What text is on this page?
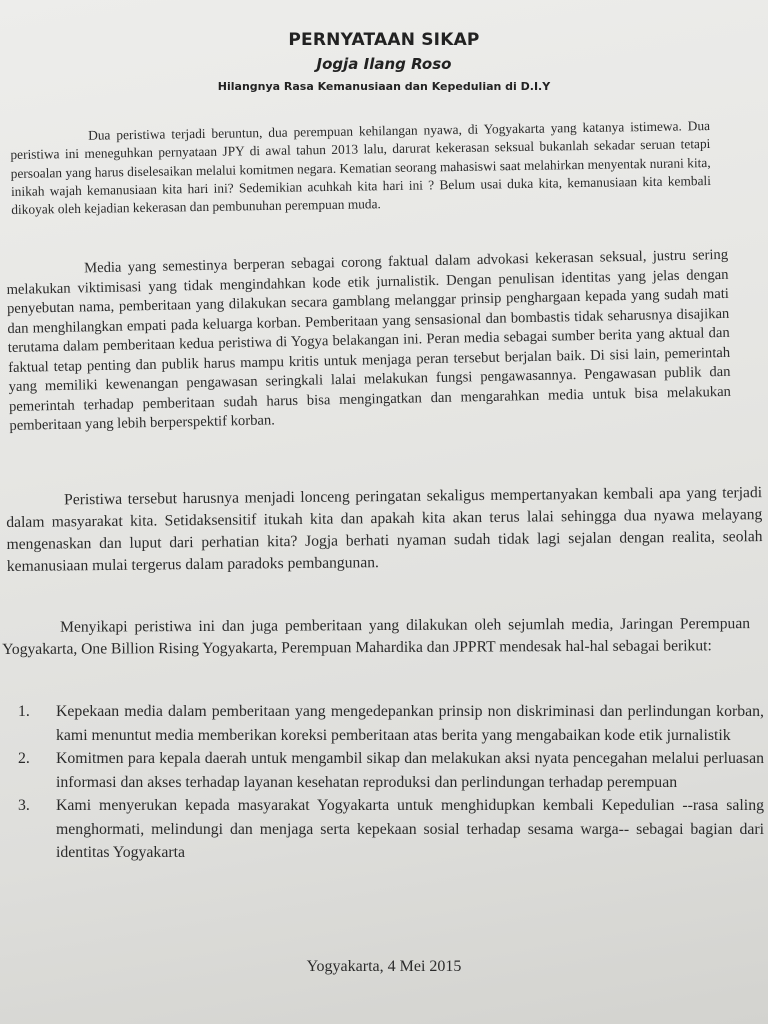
PERNYATAAN SIKAP
Jogja Ilang Roso
Hilangnya Rasa Kemanusiaan dan Kepedulian di D.I.Y

Dua peristiwa terjadi beruntun, dua perempuan kehilangan nyawa, di Yogyakarta yang katanya istimewa. Dua peristiwa ini meneguhkan pernyataan JPY di awal tahun 2013 lalu, darurat kekerasan seksual bukanlah sekadar seruan tetapi persoalan yang harus diselesaikan melalui komitmen negara. Kematian seorang mahasiswi saat melahirkan menyentak nurani kita, inikah wajah kemanusiaan kita hari ini? Sedemikian acuhkah kita hari ini ? Belum usai duka kita, kemanusiaan kita kembali dikoyak oleh kejadian kekerasan dan pembunuhan perempuan muda.

Media yang semestinya berperan sebagai corong faktual dalam advokasi kekerasan seksual, justru sering melakukan viktimisasi yang tidak mengindahkan kode etik jurnalistik. Dengan penulisan identitas yang jelas dengan penyebutan nama, pemberitaan yang dilakukan secara gamblang melanggar prinsip penghargaan kepada yang sudah mati dan menghilangkan empati pada keluarga korban. Pemberitaan yang sensasional dan bombastis tidak seharusnya disajikan terutama dalam pemberitaan kedua peristiwa di Yogya belakangan ini. Peran media sebagai sumber berita yang aktual dan faktual tetap penting dan publik harus mampu kritis untuk menjaga peran tersebut berjalan baik. Di sisi lain, pemerintah yang memiliki kewenangan pengawasan seringkali lalai melakukan fungsi pengawasannya. Pengawasan publik dan pemerintah terhadap pemberitaan sudah harus bisa mengingatkan dan mengarahkan media untuk bisa melakukan pemberitaan yang lebih berperspektif korban.

Peristiwa tersebut harusnya menjadi lonceng peringatan sekaligus mempertanyakan kembali apa yang terjadi dalam masyarakat kita. Setidaksensitif itukah kita dan apakah kita akan terus lalai sehingga dua nyawa melayang mengenaskan dan luput dari perhatian kita? Jogja berhati nyaman sudah tidak lagi sejalan dengan realita, seolah kemanusiaan mulai tergerus dalam paradoks pembangunan.

Menyikapi peristiwa ini dan juga pemberitaan yang dilakukan oleh sejumlah media, Jaringan Perempuan Yogyakarta, One Billion Rising Yogyakarta, Perempuan Mahardika dan JPPRT mendesak hal-hal sebagai berikut:

1.	Kepekaan media dalam pemberitaan yang mengedepankan prinsip non diskriminasi dan perlindungan korban, kami menuntut media memberikan koreksi pemberitaan atas berita yang mengabaikan kode etik jurnalistik
2.	Komitmen para kepala daerah untuk mengambil sikap dan melakukan aksi nyata pencegahan melalui perluasan informasi dan akses terhadap layanan kesehatan reproduksi dan perlindungan terhadap perempuan
3.	Kami menyerukan kepada masyarakat Yogyakarta untuk menghidupkan kembali Kepedulian --rasa saling menghormati, melindungi dan menjaga serta kepekaan sosial terhadap sesama warga-- sebagai bagian dari identitas Yogyakarta
Yogyakarta, 4 Mei 2015
